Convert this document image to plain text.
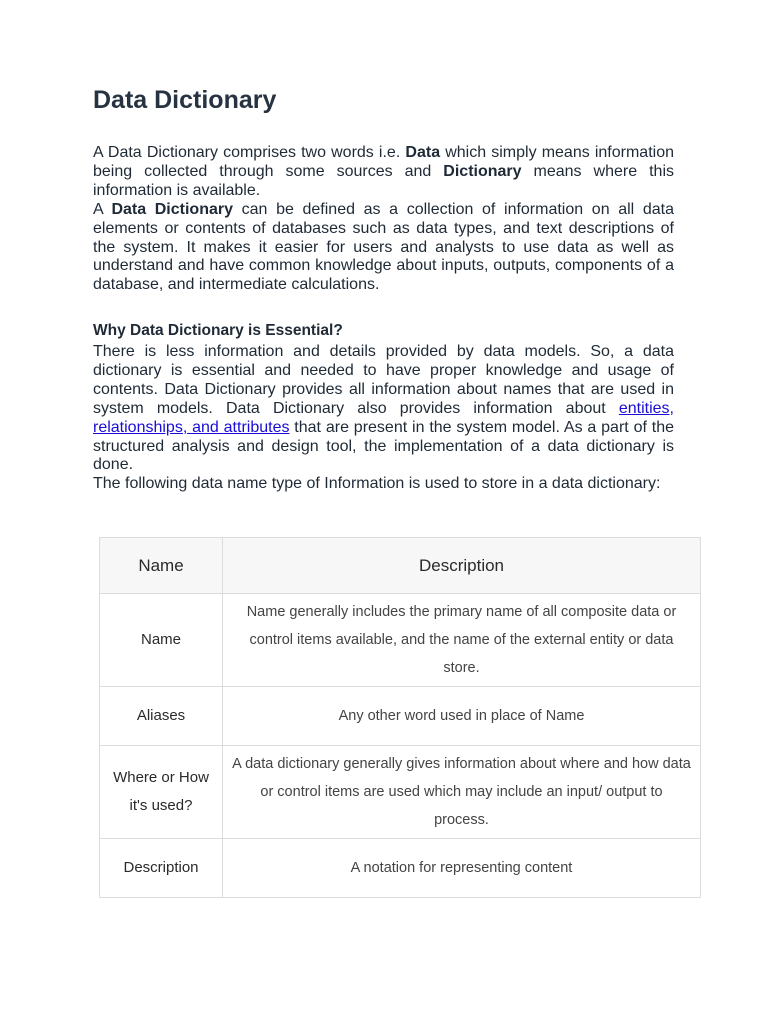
Data Dictionary

A Data Dictionary comprises two words i.e. Data which simply means information being collected through some sources and Dictionary means where this information is available.

A Data Dictionary can be defined as a collection of information on all data elements or contents of databases such as data types, and text descriptions of the system. It makes it easier for users and analysts to use data as well as understand and have common knowledge about inputs, outputs, components of a database, and intermediate calculations.

Why Data Dictionary is Essential?

There is less information and details provided by data models. So, a data dictionary is essential and needed to have proper knowledge and usage of contents. Data Dictionary provides all information about names that are used in system models. Data Dictionary also provides information about entities, relationships, and attributes that are present in the system model. As a part of the structured analysis and design tool, the implementation of a data dictionary is done.

The following data name type of Information is used to store in a data dictionary:

Name	Description
Name	Name generally includes the primary name of all composite data or control items available, and the name of the external entity or data store.
Aliases	Any other word used in place of Name
Where or How it's used?	A data dictionary generally gives information about where and how data or control items are used which may include an input/ output to process.
Description	A notation for representing content
